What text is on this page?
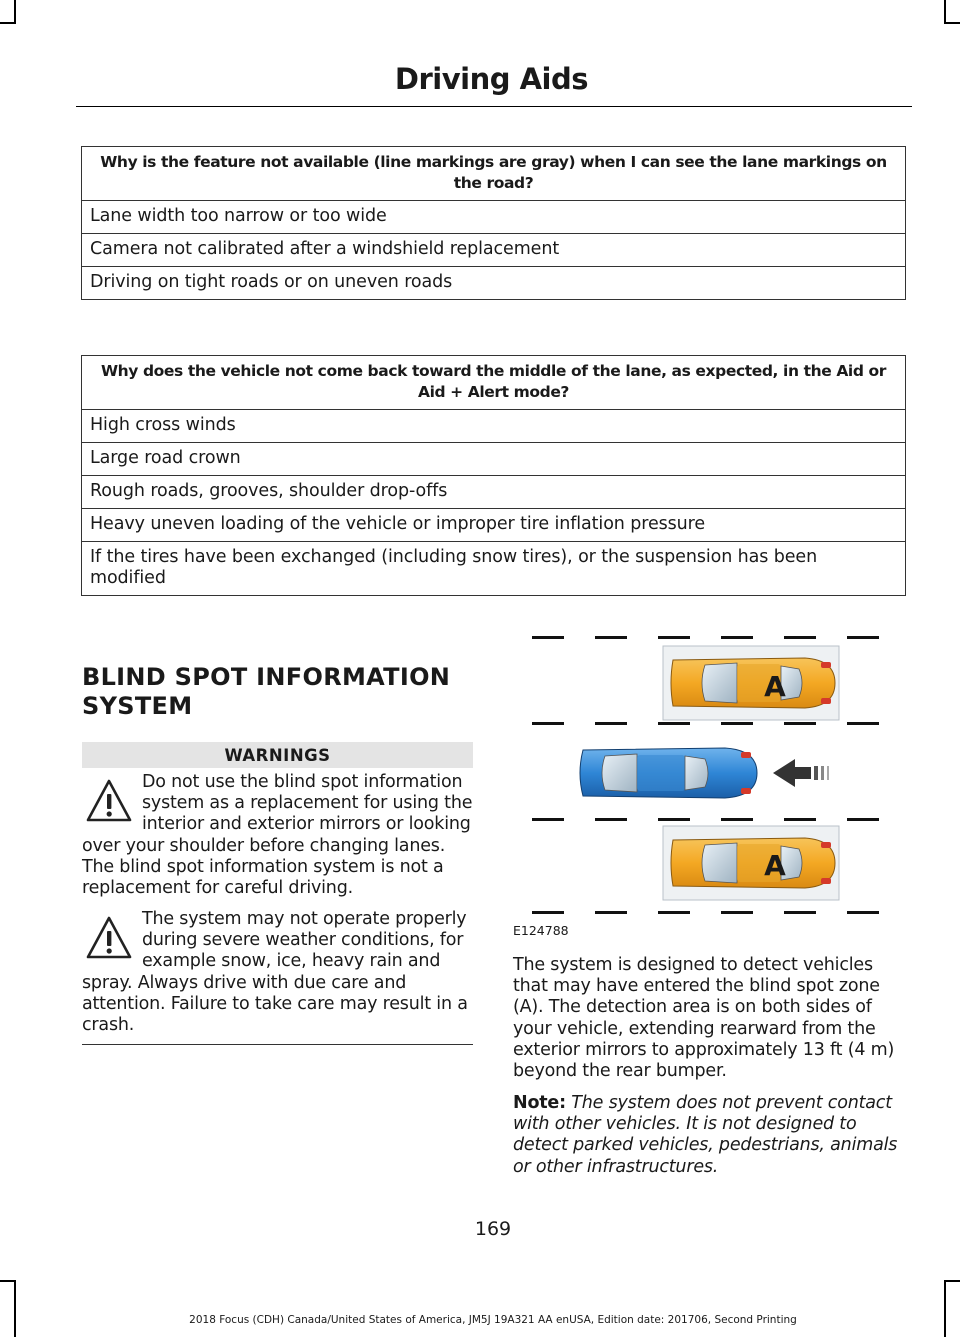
Driving Aids
Why is the feature not available (line markings are gray) when I can see the lane markings on the road?
Lane width too narrow or too wide
Camera not calibrated after a windshield replacement
Driving on tight roads or on uneven roads
Why does the vehicle not come back toward the middle of the lane, as expected, in the Aid or Aid + Alert mode?
High cross winds
Large road crown
Rough roads, grooves, shoulder drop-offs
Heavy uneven loading of the vehicle or improper tire inflation pressure
If the tires have been exchanged (including snow tires), or the suspension has been modified
BLIND SPOT INFORMATION
SYSTEM
WARNINGS
Do not use the blind spot information system as a replacement for using the interior and exterior mirrors or looking over your shoulder before changing lanes. The blind spot information system is not a replacement for careful driving.
The system may not operate properly during severe weather conditions, for example snow, ice, heavy rain and spray. Always drive with due care and attention. Failure to take care may result in a crash.
A
A
E124788
The system is designed to detect vehicles that may have entered the blind spot zone (A). The detection area is on both sides of your vehicle, extending rearward from the exterior mirrors to approximately 13 ft (4 m) beyond the rear bumper.
Note: The system does not prevent contact with other vehicles. It is not designed to detect parked vehicles, pedestrians, animals or other infrastructures.
169
2018 Focus (CDH) Canada/United States of America, JM5J 19A321 AA enUSA, Edition date: 201706, Second Printing
